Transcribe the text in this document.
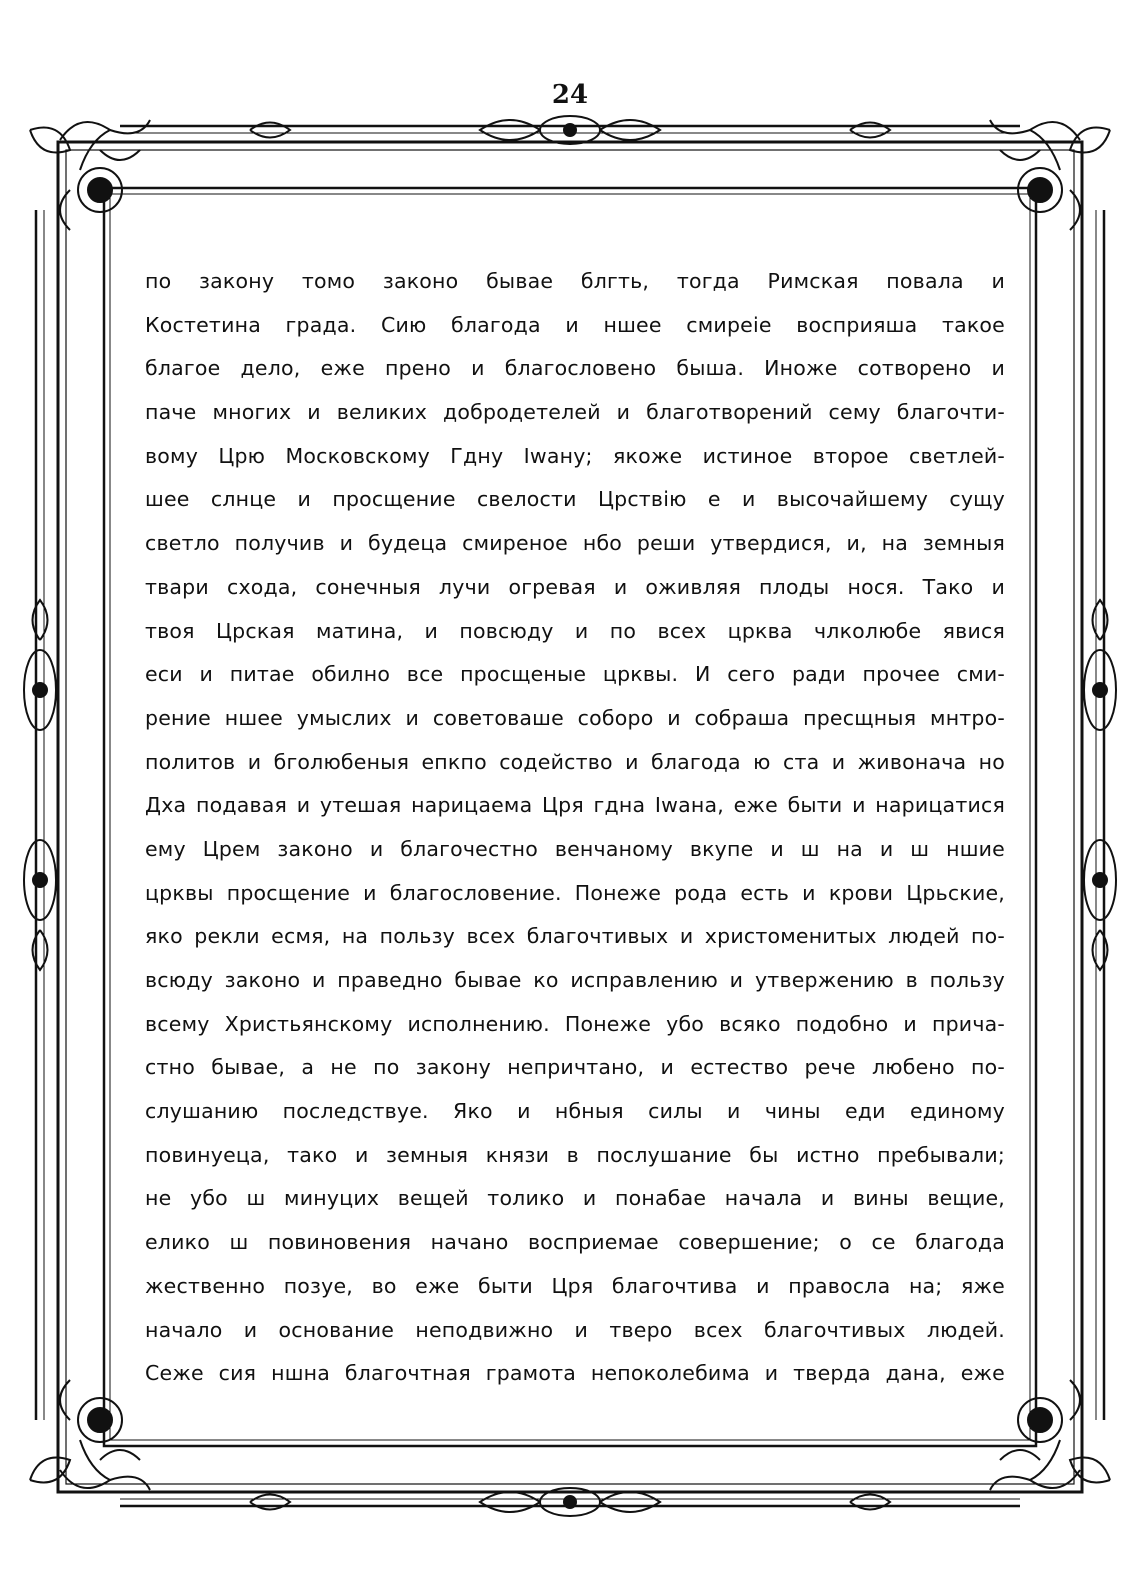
24
по закону томо законо бывае блгть, тогда Римская повала и
Костетина града. Сию благода и ншее смиреie восприяша такое
благое дело, еже прено и благословено быша. Иноже сотворено и
паче многих и великих добродетелей и благотворений сему благочти-
вому Црю Московскому Гдну Iwану; якоже истиное второе светлей-
шее слнце и просщение свелости Црствiю е и высочайшему сущу
светло получив и будеца смиреное нбо реши утвердися, и, на земныя
твари схода, сонечныя лучи огревая и оживляя плоды нося. Тако и
твоя Црская матина, и повсюду и по всех црква члколюбе явися
еси и питае обилно все просщеные црквы. И сего ради прочее сми-
рение ншее умыслих и советоваше соборо и собраша пресщныя мнтро-
политов и бголюбеныя епкпо содейство и благода ю ста и живонача но
Дха подавая и утешая нарицаема Цря гдна Iwана, еже быти и нарицатися
ему Црем законо и благочестно венчаному вкупе и ш на и ш ншие
црквы просщение и благословение. Понеже рода есть и крови Црьские,
яко рекли есмя, на пользу всех благочтивых и христоменитых людей по-
всюду законо и праведно бывае ко исправлению и утвержению в пользу
всему Христьянскому исполнению. Понеже убо всяко подобно и прича-
стно бывае, а не по закону непричтано, и естество рече любено по-
слушанию последствуе. Яко и нбныя силы и чины еди единому
повинуеца, тако и земныя князи в послушание бы истно пребывали;
не убо ш минуцих вещей толико и понабае начала и вины вещие,
елико ш повиновения начано восприемае совершение; о се благода
жественно позуе, во еже быти Цря благочтива и правосла на; яже
начало и основание неподвижно и тверо всех благочтивых людей.
Сеже сия ншна благочтная грамота непоколебима и тверда дана, еже
